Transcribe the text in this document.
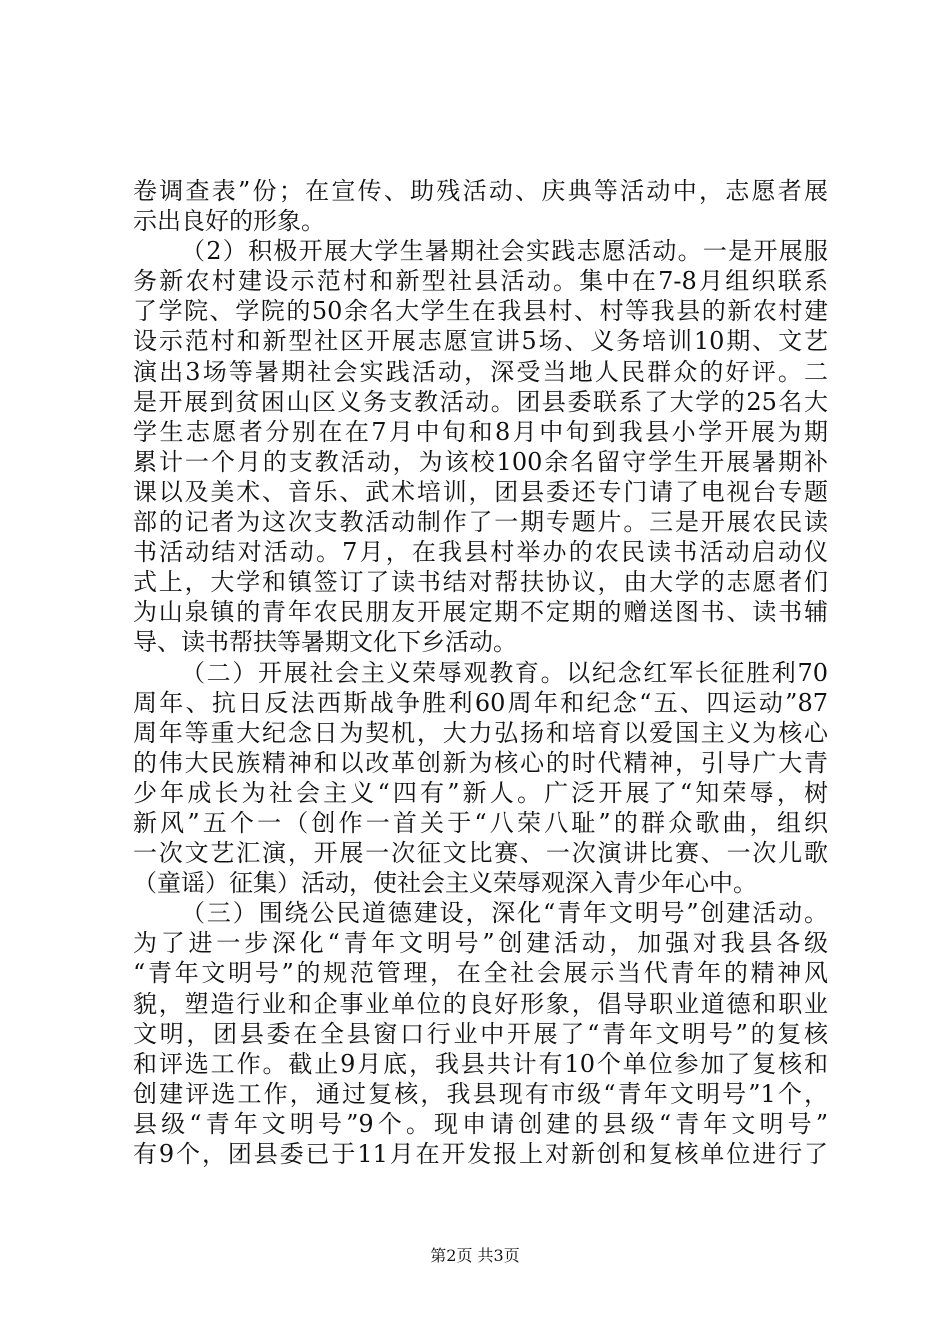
卷调查表”份；在宣传、助残活动、庆典等活动中，志愿者展
示出良好的形象。
（2）积极开展大学生暑期社会实践志愿活动。一是开展服
务新农村建设示范村和新型社县活动。集中在7-8月组织联系
了学院、学院的50余名大学生在我县村、村等我县的新农村建
设示范村和新型社区开展志愿宣讲5场、义务培训10期、文艺
演出3场等暑期社会实践活动，深受当地人民群众的好评。二
是开展到贫困山区义务支教活动。团县委联系了大学的25名大
学生志愿者分别在在7月中旬和8月中旬到我县小学开展为期
累计一个月的支教活动，为该校100余名留守学生开展暑期补
课以及美术、音乐、武术培训，团县委还专门请了电视台专题
部的记者为这次支教活动制作了一期专题片。三是开展农民读
书活动结对活动。7月，在我县村举办的农民读书活动启动仪
式上，大学和镇签订了读书结对帮扶协议，由大学的志愿者们
为山泉镇的青年农民朋友开展定期不定期的赠送图书、读书辅
导、读书帮扶等暑期文化下乡活动。
（二）开展社会主义荣辱观教育。以纪念红军长征胜利70
周年、抗日反法西斯战争胜利60周年和纪念“五、四运动”87
周年等重大纪念日为契机，大力弘扬和培育以爱国主义为核心
的伟大民族精神和以改革创新为核心的时代精神，引导广大青
少年成长为社会主义“四有”新人。广泛开展了“知荣辱，树
新风”五个一（创作一首关于“八荣八耻”的群众歌曲，组织
一次文艺汇演，开展一次征文比赛、一次演讲比赛、一次儿歌
（童谣）征集）活动，使社会主义荣辱观深入青少年心中。
（三）围绕公民道德建设，深化“青年文明号”创建活动。
为了进一步深化“青年文明号”创建活动，加强对我县各级
“青年文明号”的规范管理，在全社会展示当代青年的精神风
貌，塑造行业和企事业单位的良好形象，倡导职业道德和职业
文明，团县委在全县窗口行业中开展了“青年文明号”的复核
和评选工作。截止9月底，我县共计有10个单位参加了复核和
创建评选工作，通过复核，我县现有市级“青年文明号”1个，
县级“青年文明号”9个。现申请创建的县级“青年文明号”
有9个，团县委已于11月在开发报上对新创和复核单位进行了
第2页 共3页
